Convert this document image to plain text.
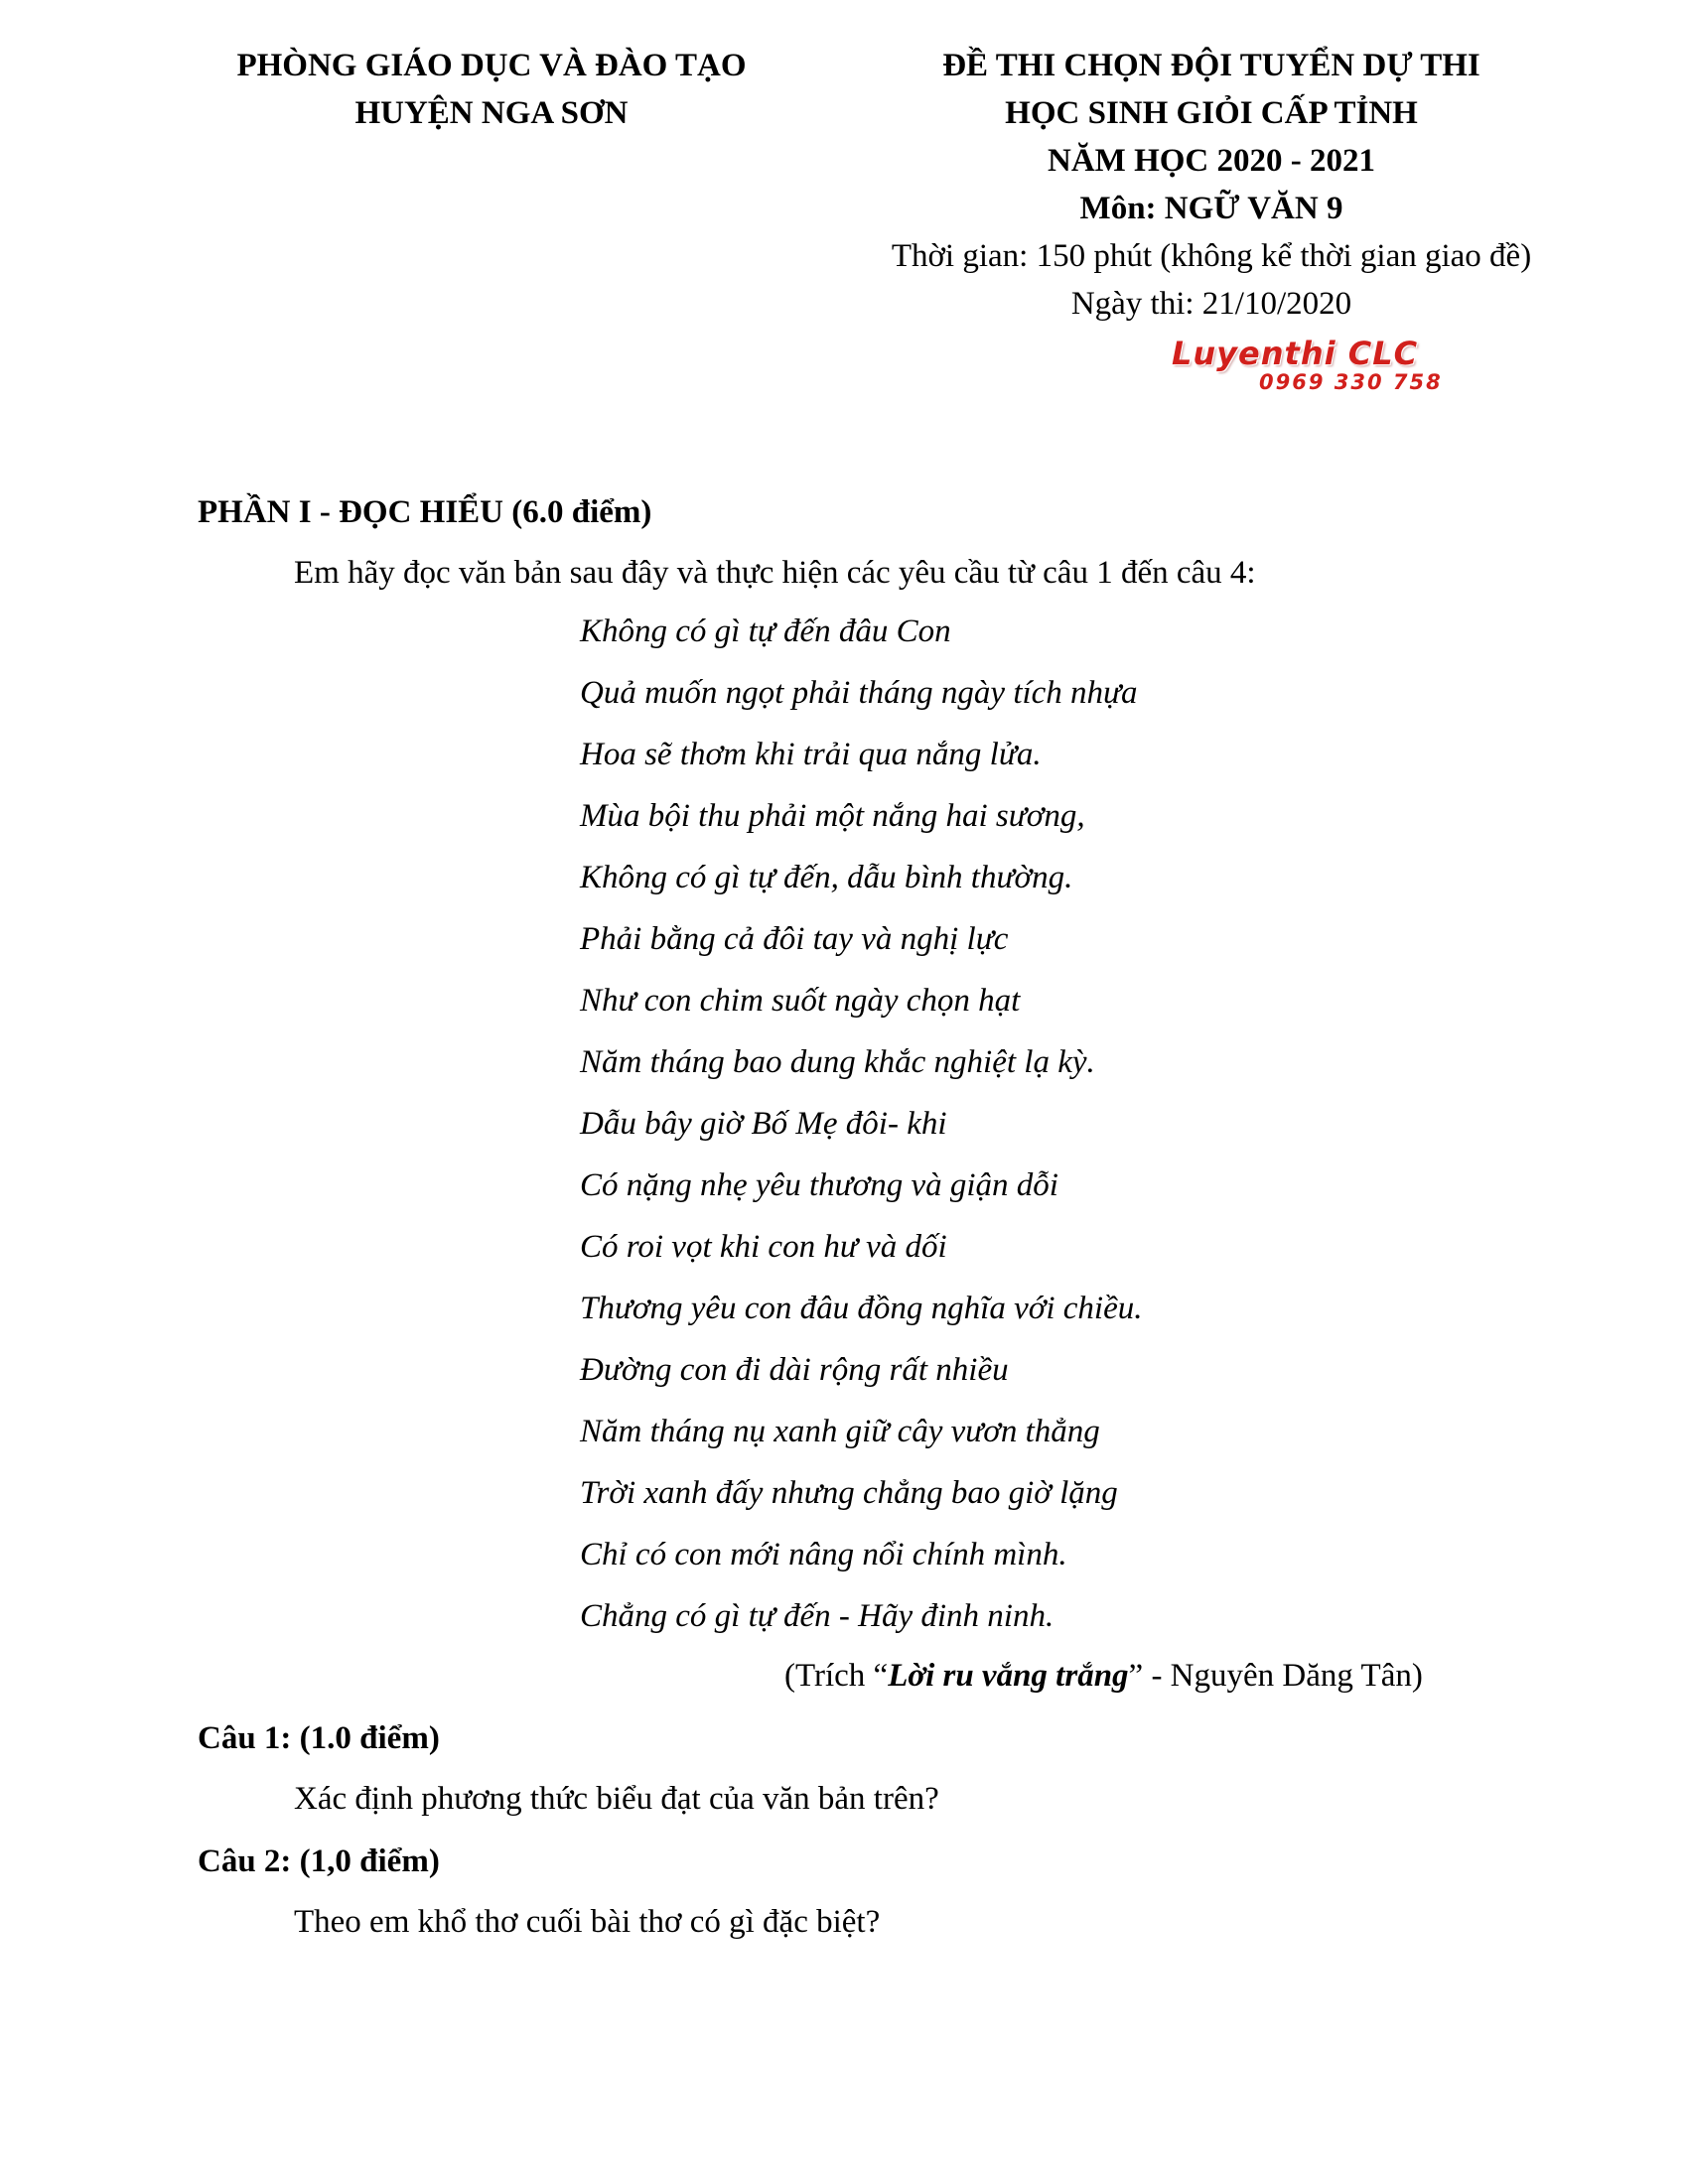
PHÒNG GIÁO DỤC VÀ ĐÀO TẠO
HUYỆN NGA SƠN
ĐỀ THI CHỌN ĐỘI TUYỂN DỰ THI
HỌC SINH GIỎI CẤP TỈNH
NĂM HỌC 2020 - 2021
Môn: NGỮ VĂN 9
Thời gian: 150 phút (không kể thời gian giao đề)
Ngày thi: 21/10/2020
Luyenthi CLC
0969 330 758
PHẦN I - ĐỌC HIỂU (6.0 điểm)
Em hãy đọc văn bản sau đây và thực hiện các yêu cầu từ câu 1 đến câu 4:
Không có gì tự đến đâu Con
Quả muốn ngọt phải tháng ngày tích nhựa
Hoa sẽ thơm khi trải qua nắng lửa.
Mùa bội thu phải một nắng hai sương,
Không có gì tự đến, dẫu bình thường.
Phải bằng cả đôi tay và nghị lực
Như con chim suốt ngày chọn hạt
Năm tháng bao dung khắc nghiệt lạ kỳ.
Dẫu bây giờ Bố Mẹ đôi- khi
Có nặng nhẹ yêu thương và giận dỗi
Có roi vọt khi con hư và dối
Thương yêu con đâu đồng nghĩa với chiều.
Đường con đi dài rộng rất nhiều
Năm tháng nụ xanh giữ cây vươn thẳng
Trời xanh đấy nhưng chẳng bao giờ lặng
Chỉ có con mới nâng nổi chính mình.
Chẳng có gì tự đến - Hãy đinh ninh.
(Trích “Lời ru vắng trắng” - Nguyên Dăng Tân)
Câu 1: (1.0 điểm)
Xác định phương thức biểu đạt của văn bản trên?
Câu 2: (1,0 điểm)
Theo em khổ thơ cuối bài thơ có gì đặc biệt?
